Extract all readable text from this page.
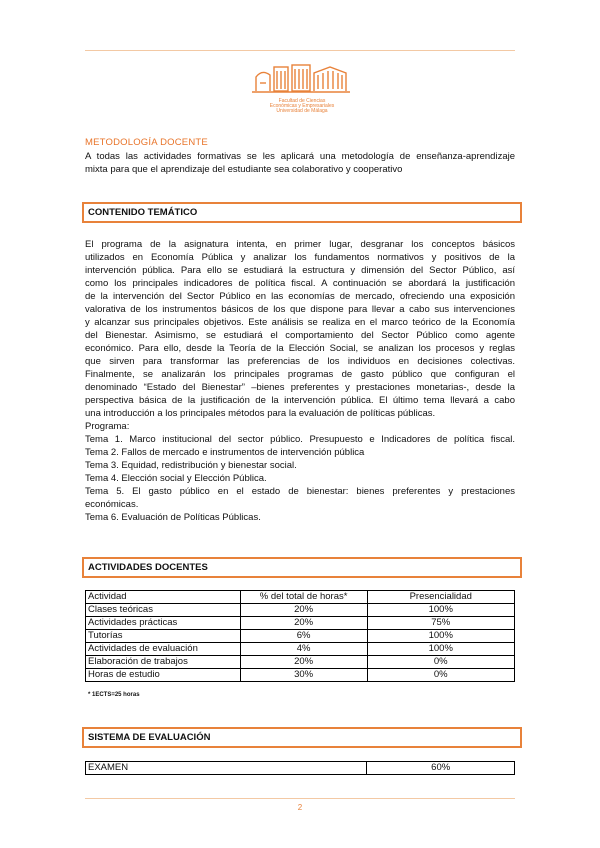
Facultad de Ciencias
Económicas y Empresariales
Universidad de Málaga
METODOLOGÍA DOCENTE
A todas las actividades formativas se les aplicará una metodología de enseñanza-aprendizaje
mixta para que el aprendizaje del estudiante sea colaborativo y cooperativo
CONTENIDO TEMÁTICO
El programa de la asignatura intenta, en primer lugar, desgranar los conceptos básicos
utilizados en Economía Pública y analizar los fundamentos normativos y positivos de la
intervención pública. Para ello se estudiará la estructura y dimensión del Sector Público, así
como los principales indicadores de política fiscal. A continuación se abordará la justificación
de la intervención del Sector Público en las economías de mercado, ofreciendo una exposición
valorativa de los instrumentos básicos de los que dispone para llevar a cabo sus intervenciones
y alcanzar sus principales objetivos. Este análisis se realiza en el marco teórico de la Economía
del Bienestar. Asimismo, se estudiará el comportamiento del Sector Público como agente
económico. Para ello, desde la Teoría de la Elección Social, se analizan los procesos y reglas
que sirven para transformar las preferencias de los individuos en decisiones colectivas.
Finalmente, se analizarán los principales programas de gasto público que configuran el
denominado “Estado del Bienestar” –bienes preferentes y prestaciones monetarias-, desde la
perspectiva básica de la justificación de la intervención pública. El último tema llevará a cabo
una introducción a los principales métodos para la evaluación de políticas públicas.
Programa:
Tema 1. Marco institucional del sector público. Presupuesto e Indicadores de política fiscal.
Tema 2. Fallos de mercado e instrumentos de intervención pública
Tema 3. Equidad, redistribución y bienestar social.
Tema 4. Elección social y Elección Pública.
Tema 5. El gasto público en el estado de bienestar: bienes preferentes y prestaciones
económicas.
Tema 6. Evaluación de Políticas Públicas.
ACTIVIDADES DOCENTES
Actividad	% del total de horas*	Presencialidad
Clases teóricas	20%	100%
Actividades prácticas	20%	75%
Tutorías	6%	100%
Actividades de evaluación	4%	100%
Elaboración de trabajos	20%	0%
Horas de estudio	30%	0%
* 1ECTS=25 horas
SISTEMA DE EVALUACIÓN
EXAMEN	60%
2
